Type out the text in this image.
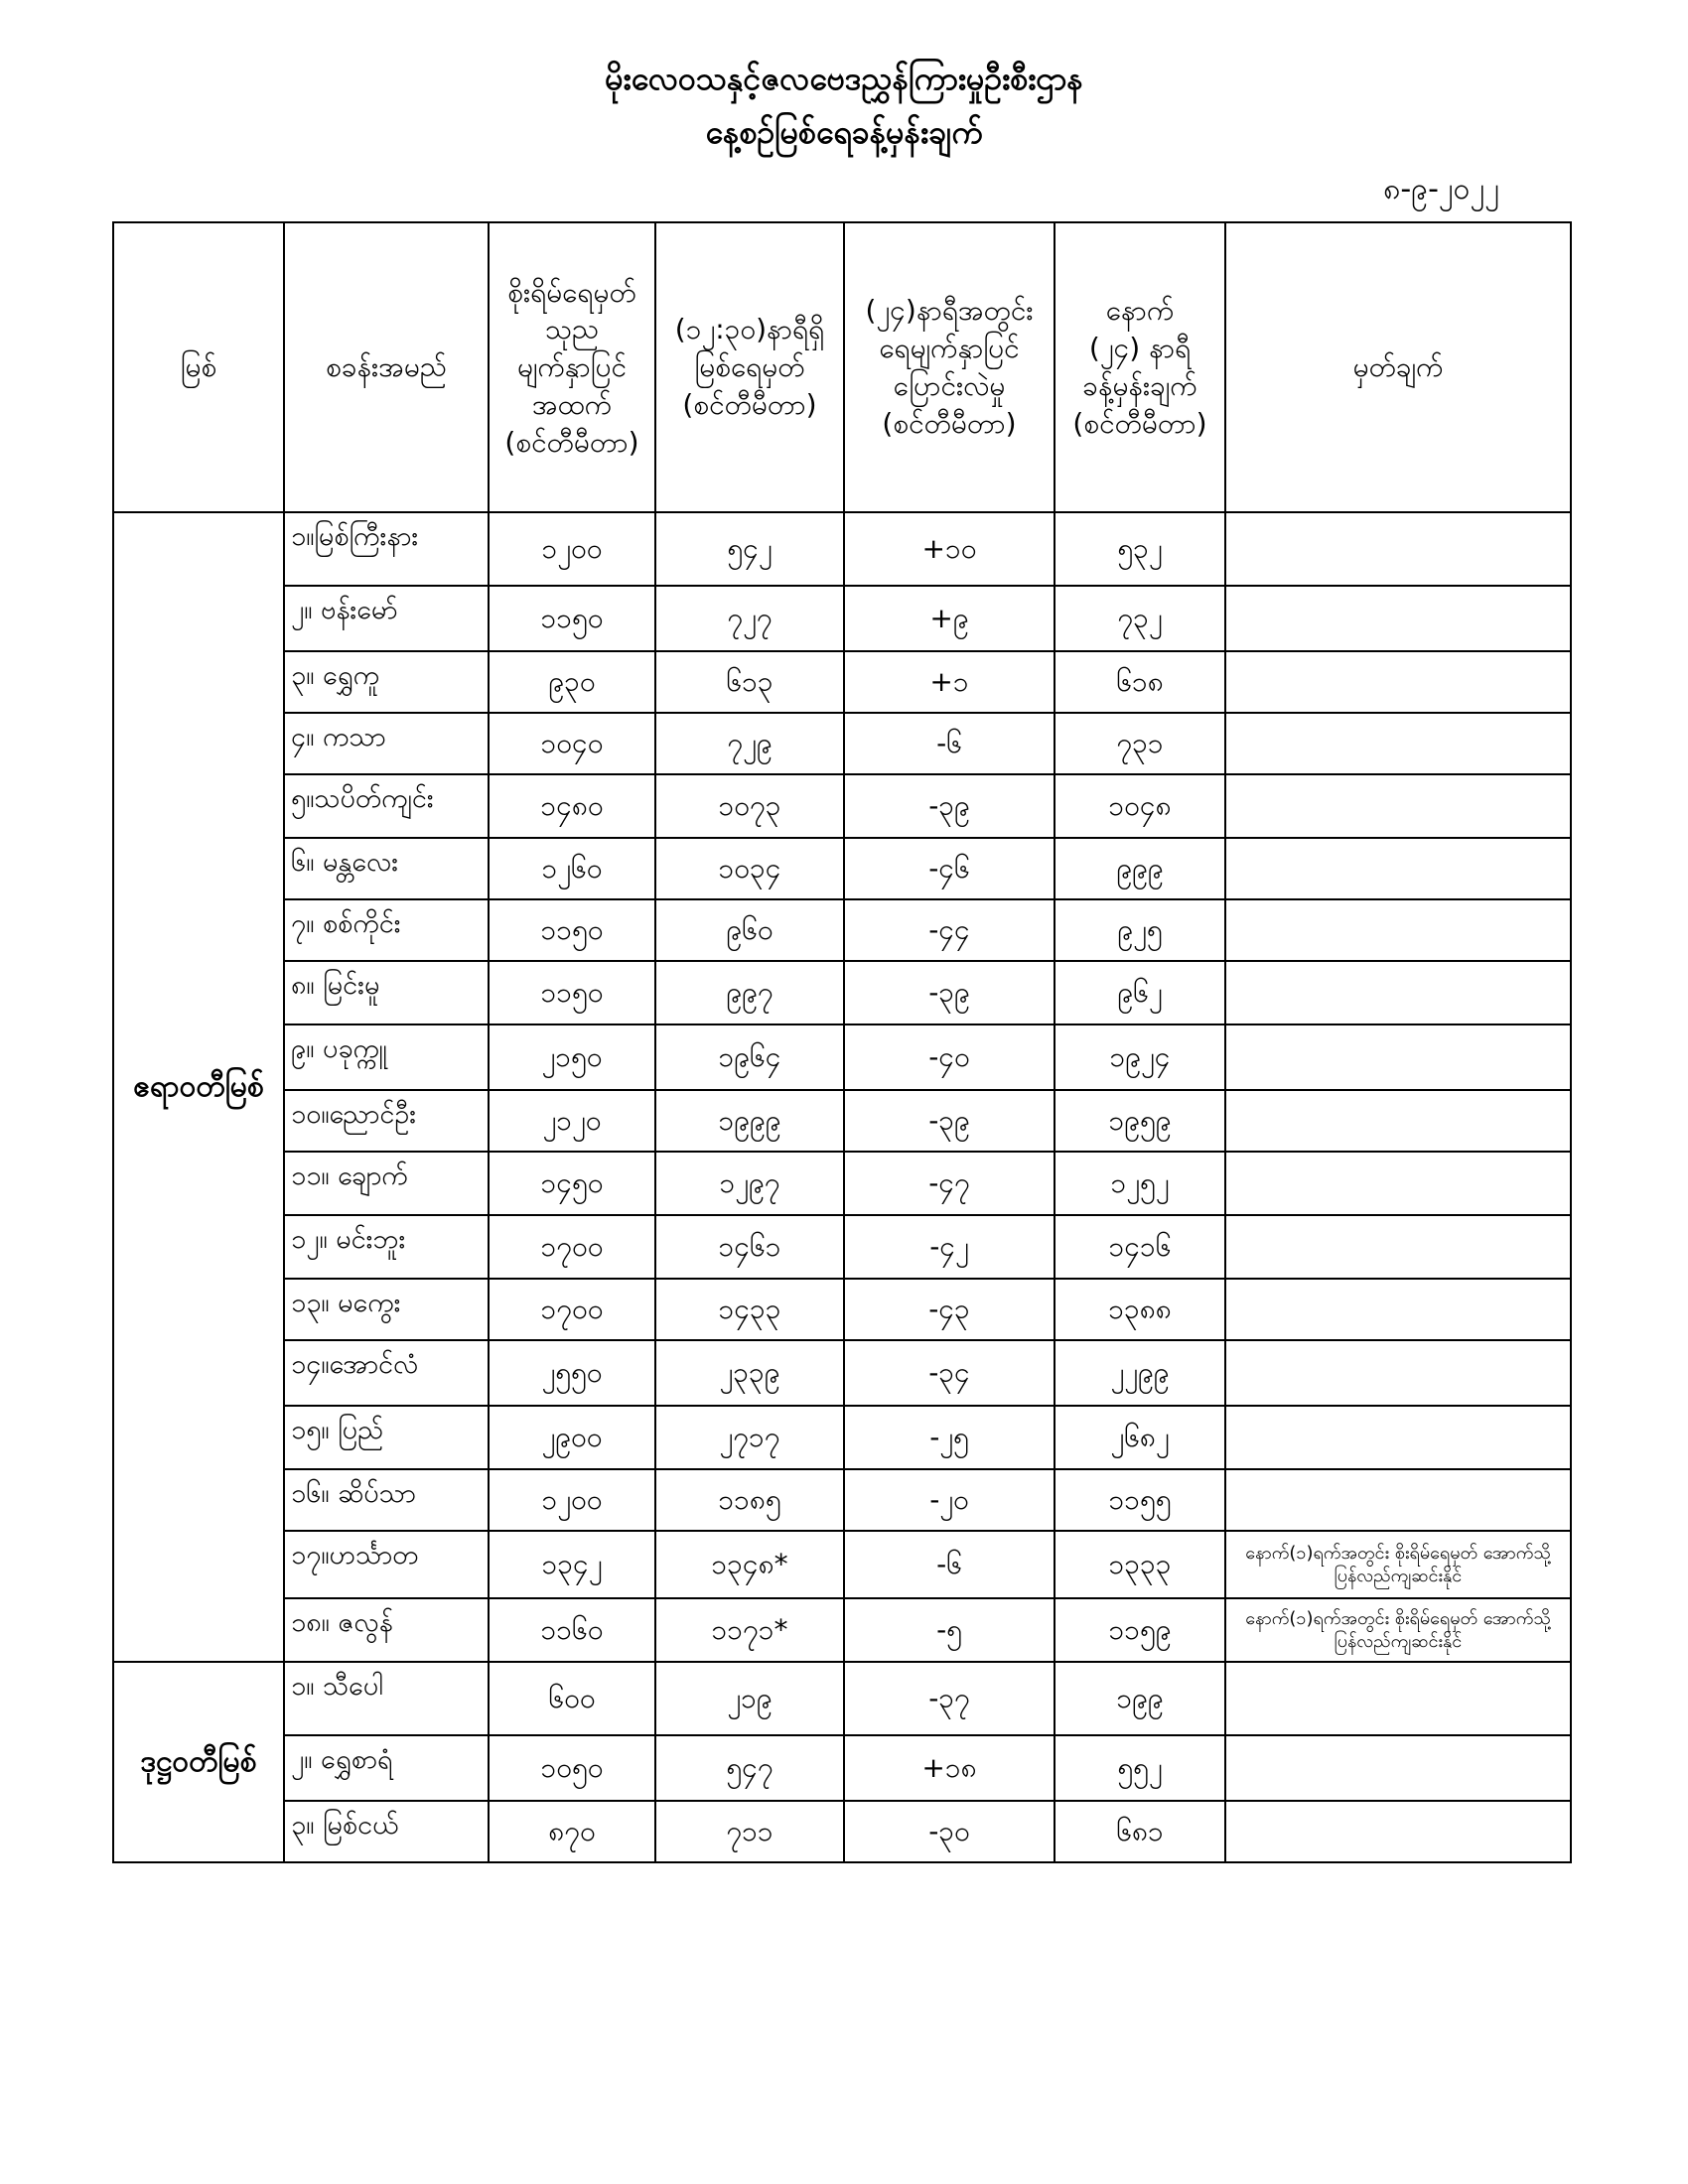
မိုးလေဝသနှင့်ဇလဗေဒညွှန်ကြားမှုဦးစီးဌာန
နေ့စဉ်မြစ်ရေခန့်မှန်းချက်
၈-၉-၂၀၂၂
မြစ်	စခန်းအမည်	စိုးရိမ်ရေမှတ်
သုည
မျက်နှာပြင်
အထက်
(စင်တီမီတာ)	(၁၂:၃၀)နာရီရှိ
မြစ်ရေမှတ်
(စင်တီမီတာ)	(၂၄)နာရီအတွင်း
ရေမျက်နှာပြင်
ပြောင်းလဲမှု
(စင်တီမီတာ)	နောက်
(၂၄) နာရီ
ခန့်မှန်းချက်
(စင်တီမီတာ)	မှတ်ချက်

ဧရာဝတီမြစ်	၁။မြစ်ကြီးနား	၁၂၀၀	၅၄၂	+၁၀	၅၃၂	
	၂။ ဗန်းမော်	၁၁၅၀	၇၂၇	+၉	၇၃၂	
	၃။ ရွှေကူ	၉၃၀	၆၁၃	+၁	၆၁၈	
	၄။ ကသာ	၁၀၄၀	၇၂၉	-၆	၇၃၁	
	၅။သပိတ်ကျင်း	၁၄၈၀	၁၀၇၃	-၃၉	၁၀၄၈	
	၆။ မန္တလေး	၁၂၆၀	၁၀၃၄	-၄၆	၉၉၉	
	၇။ စစ်ကိုင်း	၁၁၅၀	၉၆၀	-၄၄	၉၂၅	
	၈။ မြင်းမူ	၁၁၅၀	၉၉၇	-၃၉	၉၆၂	
	၉။ ပခုက္ကူ	၂၁၅၀	၁၉၆၄	-၄၀	၁၉၂၄	
	၁၀။ညောင်ဦး	၂၁၂၀	၁၉၉၉	-၃၉	၁၉၅၉	
	၁၁။ ချောက်	၁၄၅၀	၁၂၉၇	-၄၇	၁၂၅၂	
	၁၂။ မင်းဘူး	၁၇၀၀	၁၄၆၁	-၄၂	၁၄၁၆	
	၁၃။ မကွေး	၁၇၀၀	၁၄၃၃	-၄၃	၁၃၈၈	
	၁၄။အောင်လံ	၂၅၅၀	၂၃၃၉	-၃၄	၂၂၉၉	
	၁၅။ ပြည်	၂၉၀၀	၂၇၁၇	-၂၅	၂၆၈၂	
	၁၆။ ဆိပ်သာ	၁၂၀၀	၁၁၈၅	-၂၀	၁၁၅၅	
	၁၇။ဟင်္သာတ	၁၃၄၂	၁၃၄၈*	-၆	၁၃၃၃	နောက်(၁)ရက်အတွင်း စိုးရိမ်ရေမှတ် အောက်သို့ ပြန်လည်ကျဆင်းနိုင်
	၁၈။ ဇလွန်	၁၁၆၀	၁၁၇၁*	-၅	၁၁၅၉	နောက်(၁)ရက်အတွင်း စိုးရိမ်ရေမှတ် အောက်သို့ ပြန်လည်ကျဆင်းနိုင်
ဒုဋ္ဌဝတီမြစ်	၁။ သီပေါ	၆၀၀	၂၁၉	-၃၇	၁၉၉	
	၂။ ရွှေစာရံ	၁၀၅၀	၅၄၇	+၁၈	၅၅၂	
	၃။ မြစ်ငယ်	၈၇၀	၇၁၁	-၃၀	၆၈၁	
